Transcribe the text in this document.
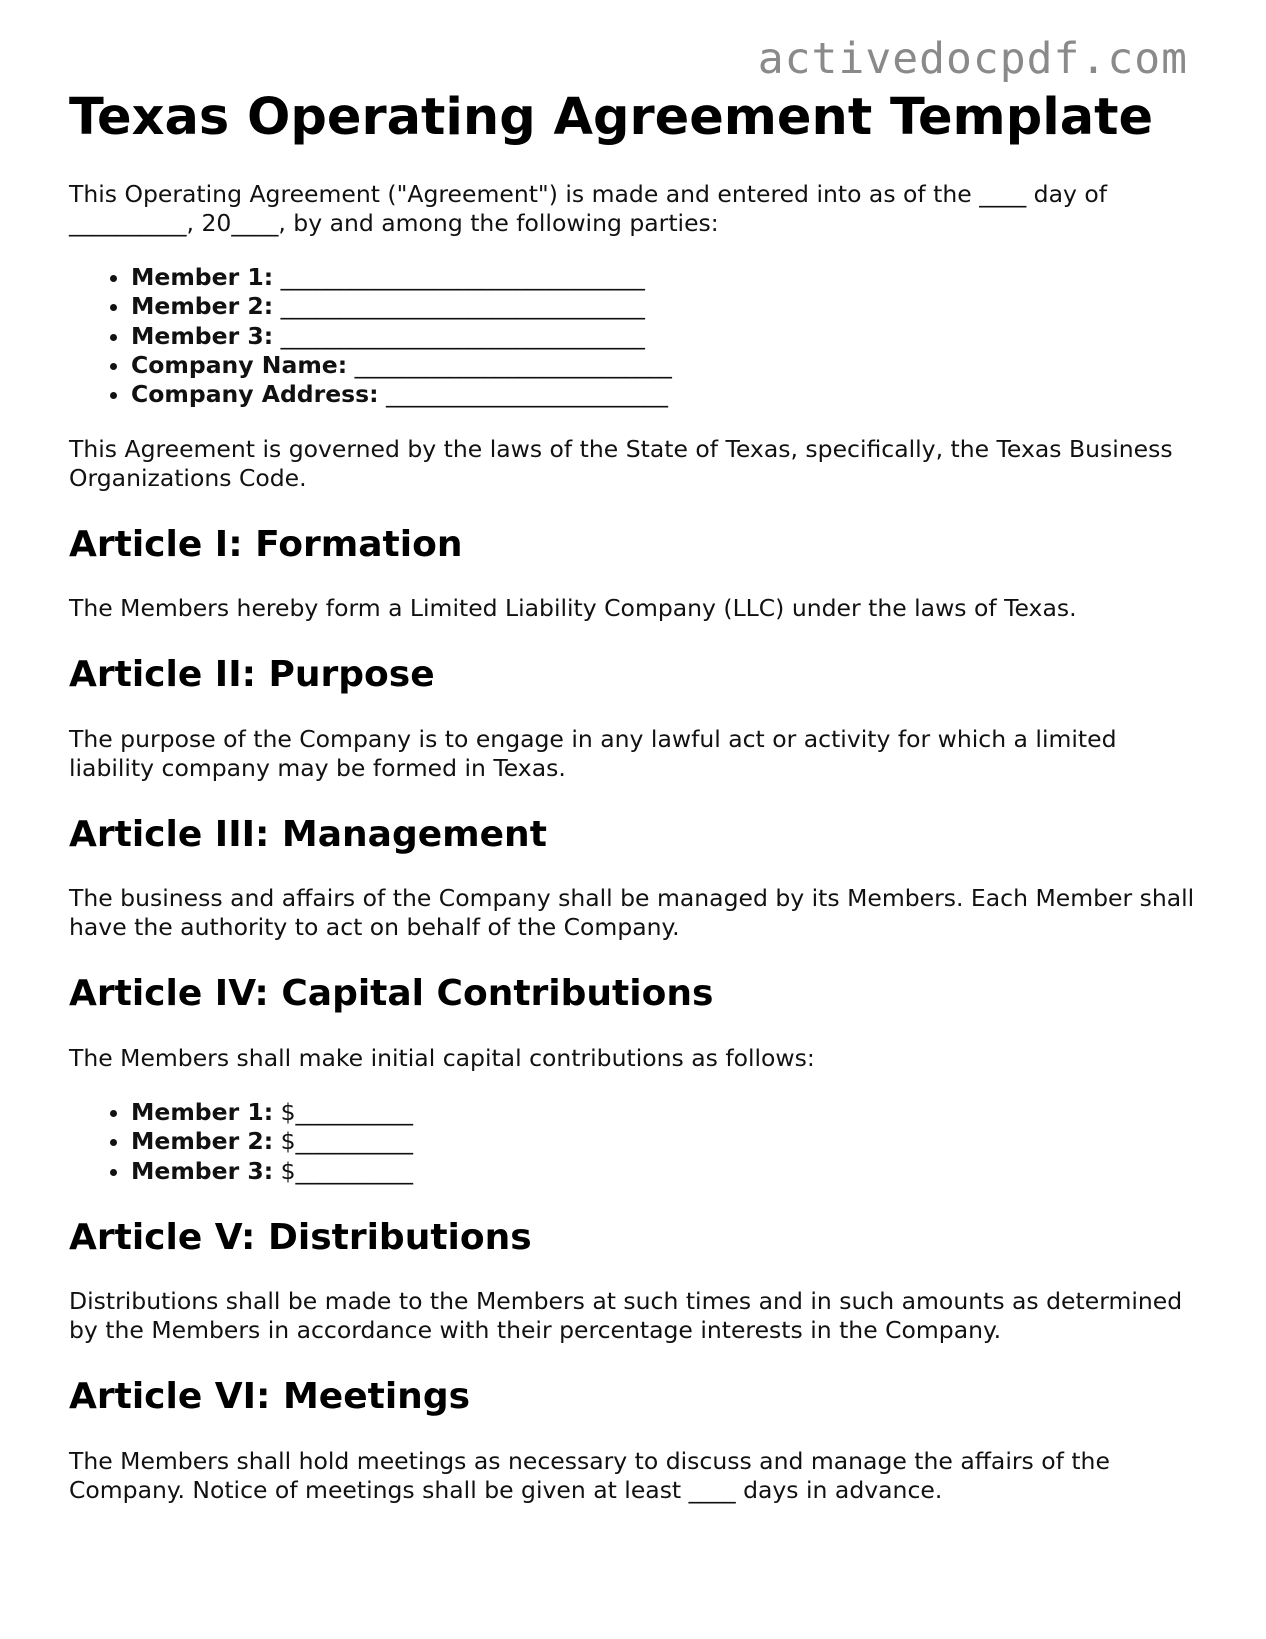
activedocpdf.com
Texas Operating Agreement Template

This Operating Agreement ("Agreement") is made and entered into as of the ____ day of __________, 20____, by and among the following parties:

• Member 1: _______________________________
• Member 2: _______________________________
• Member 3: _______________________________
• Company Name: ___________________________
• Company Address: ________________________

This Agreement is governed by the laws of the State of Texas, specifically, the Texas Business Organizations Code.

Article I: Formation

The Members hereby form a Limited Liability Company (LLC) under the laws of Texas.

Article II: Purpose

The purpose of the Company is to engage in any lawful act or activity for which a limited liability company may be formed in Texas.

Article III: Management

The business and affairs of the Company shall be managed by its Members. Each Member shall have the authority to act on behalf of the Company.

Article IV: Capital Contributions

The Members shall make initial capital contributions as follows:

• Member 1: $__________
• Member 2: $__________
• Member 3: $__________
Article V: Distributions

Distributions shall be made to the Members at such times and in such amounts as determined by the Members in accordance with their percentage interests in the Company.

Article VI: Meetings

The Members shall hold meetings as necessary to discuss and manage the affairs of the Company. Notice of meetings shall be given at least ____ days in advance.
